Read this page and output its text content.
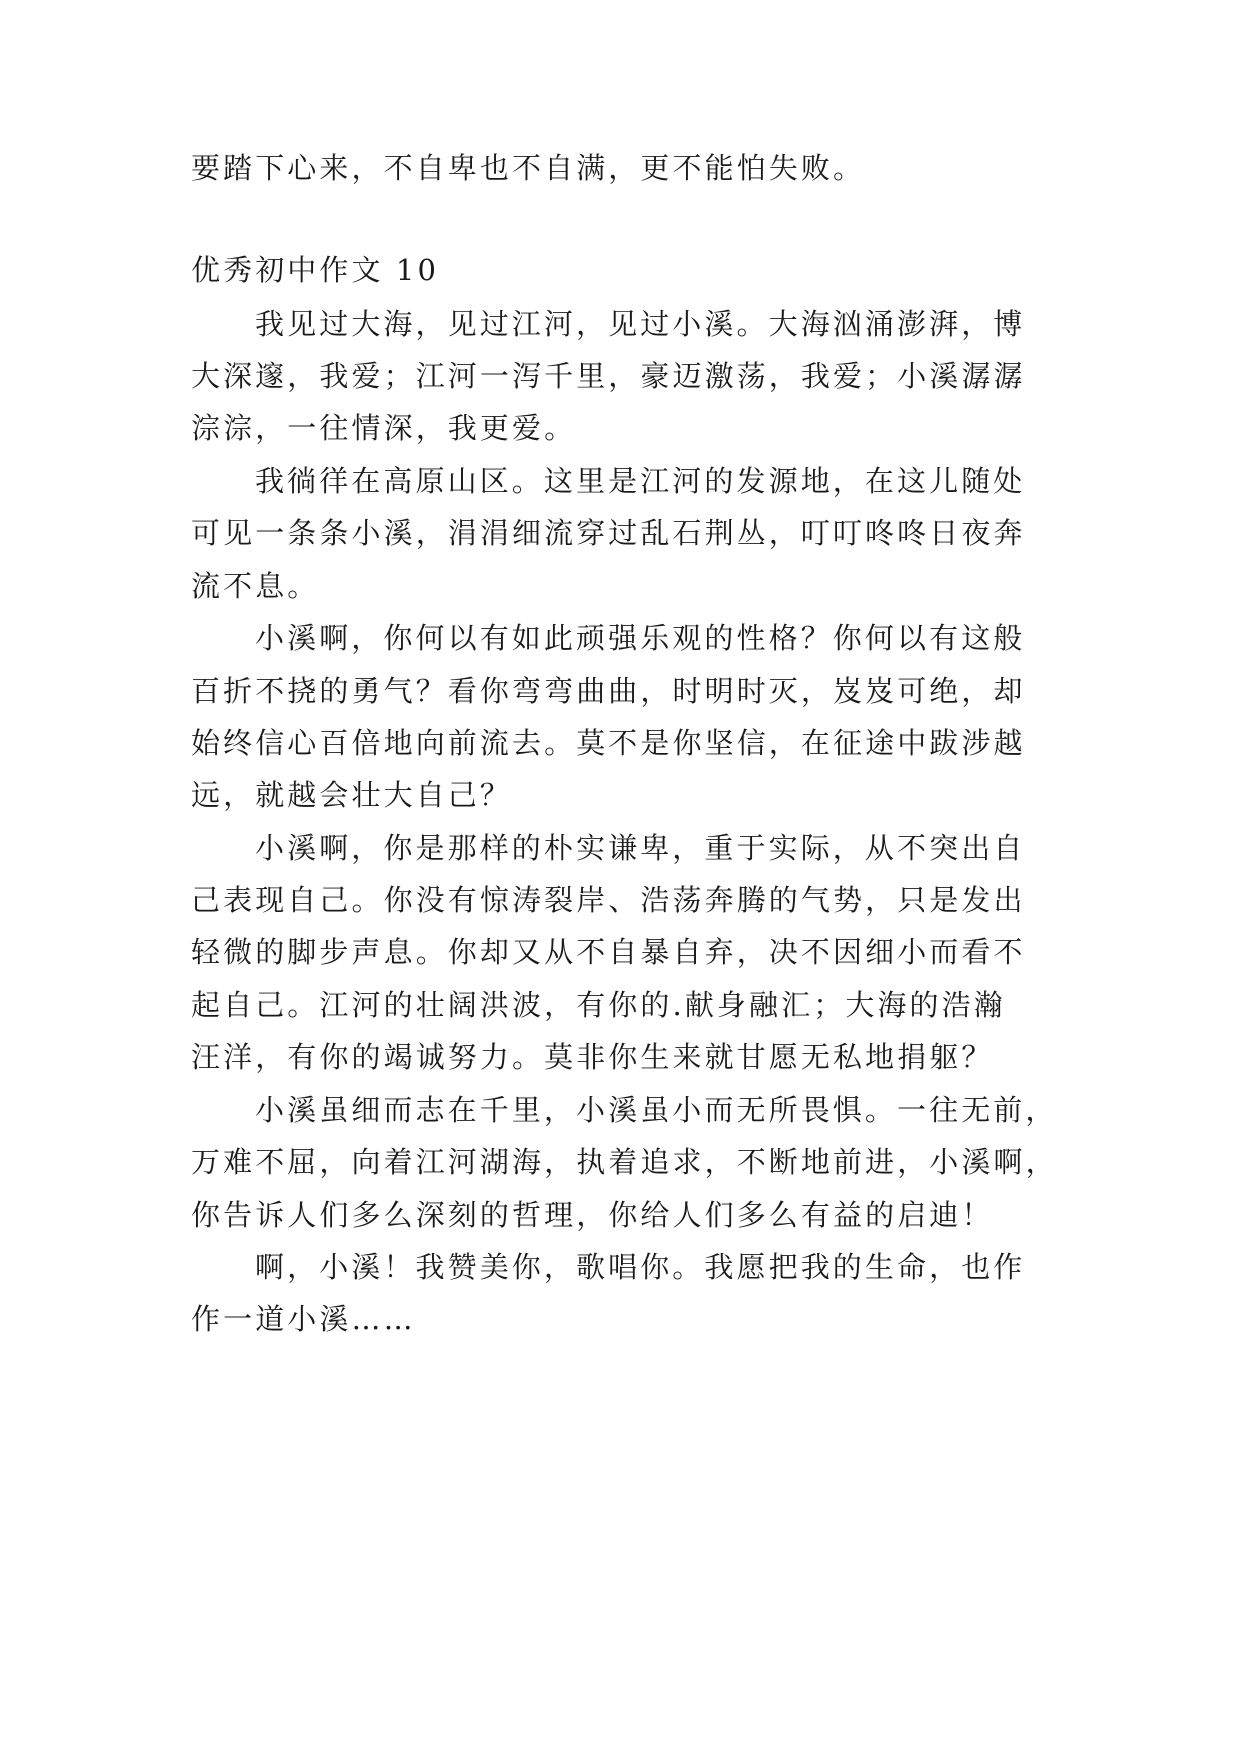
要踏下心来，不自卑也不自满，更不能怕失败。
优秀初中作文 10
我见过大海，见过江河，见过小溪。大海汹涌澎湃，博
大深邃，我爱；江河一泻千里，豪迈激荡，我爱；小溪潺潺
淙淙，一往情深，我更爱。
我徜徉在高原山区。这里是江河的发源地，在这儿随处
可见一条条小溪，涓涓细流穿过乱石荆丛，叮叮咚咚日夜奔
流不息。
小溪啊，你何以有如此顽强乐观的性格？你何以有这般
百折不挠的勇气？看你弯弯曲曲，时明时灭，岌岌可绝，却
始终信心百倍地向前流去。莫不是你坚信，在征途中跋涉越
远，就越会壮大自己？
小溪啊，你是那样的朴实谦卑，重于实际，从不突出自
己表现自己。你没有惊涛裂岸、浩荡奔腾的气势，只是发出
轻微的脚步声息。你却又从不自暴自弃，决不因细小而看不
起自己。江河的壮阔洪波，有你的.献身融汇；大海的浩瀚
汪洋，有你的竭诚努力。莫非你生来就甘愿无私地捐躯？
小溪虽细而志在千里，小溪虽小而无所畏惧。一往无前，
万难不屈，向着江河湖海，执着追求，不断地前进，小溪啊，
你告诉人们多么深刻的哲理，你给人们多么有益的启迪！
啊，小溪！我赞美你，歌唱你。我愿把我的生命，也作
作一道小溪……
